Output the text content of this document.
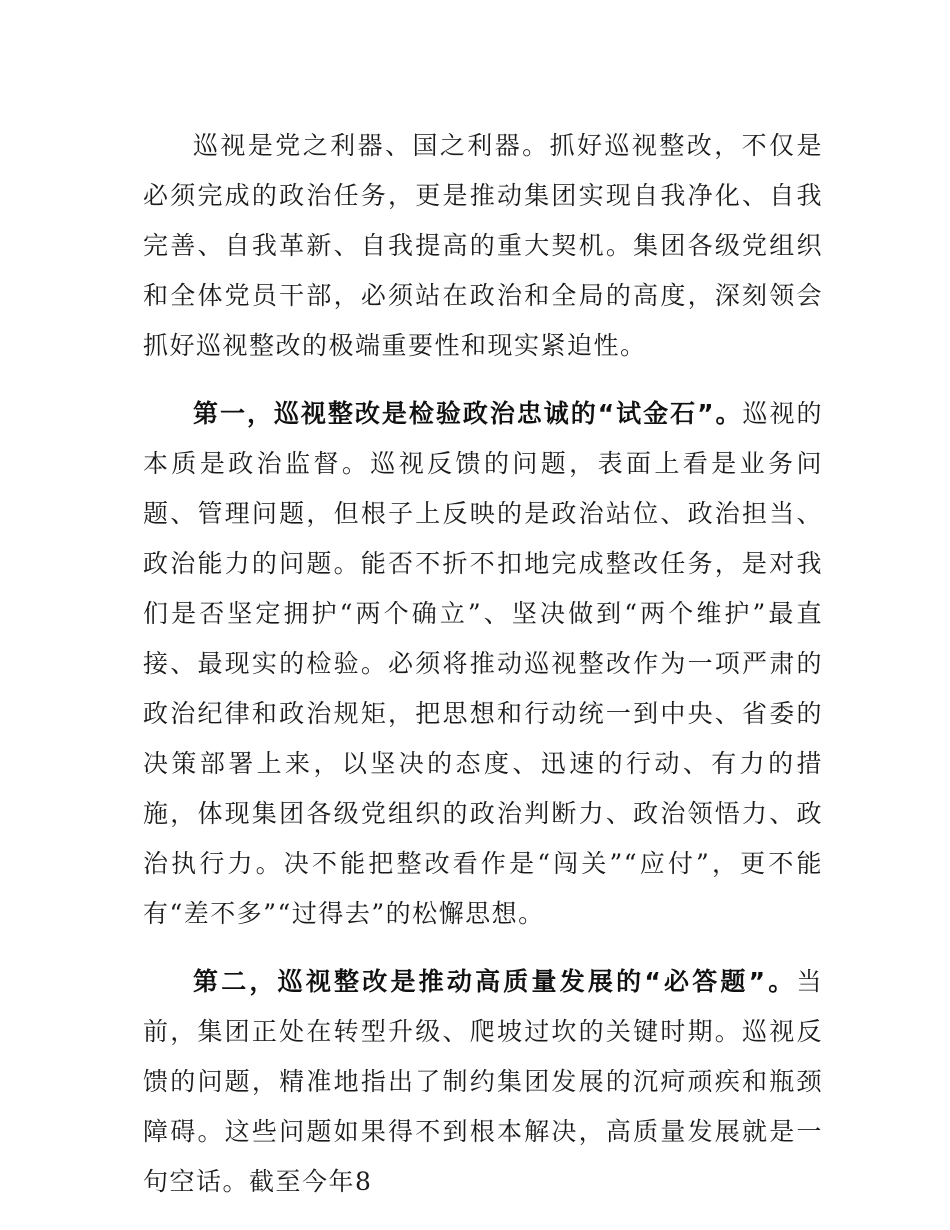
巡视是党之利器、国之利器。抓好巡视整改，不仅是必须完成的政治任务，更是推动集团实现自我净化、自我完善、自我革新、自我提高的重大契机。集团各级党组织和全体党员干部，必须站在政治和全局的高度，深刻领会抓好巡视整改的极端重要性和现实紧迫性。

第一，巡视整改是检验政治忠诚的“试金石”。巡视的本质是政治监督。巡视反馈的问题，表面上看是业务问题、管理问题，但根子上反映的是政治站位、政治担当、政治能力的问题。能否不折不扣地完成整改任务，是对我们是否坚定拥护“两个确立”、坚决做到“两个维护”最直接、最现实的检验。必须将推动巡视整改作为一项严肃的政治纪律和政治规矩，把思想和行动统一到中央、省委的决策部署上来，以坚决的态度、迅速的行动、有力的措施，体现集团各级党组织的政治判断力、政治领悟力、政治执行力。决不能把整改看作是“闯关”“应付”，更不能有“差不多”“过得去”的松懈思想。

第二，巡视整改是推动高质量发展的“必答题”。当前，集团正处在转型升级、爬坡过坎的关键时期。巡视反馈的问题，精准地指出了制约集团发展的沉疴顽疾和瓶颈障碍。这些问题如果得不到根本解决，高质量发展就是一句空话。截至今年8
